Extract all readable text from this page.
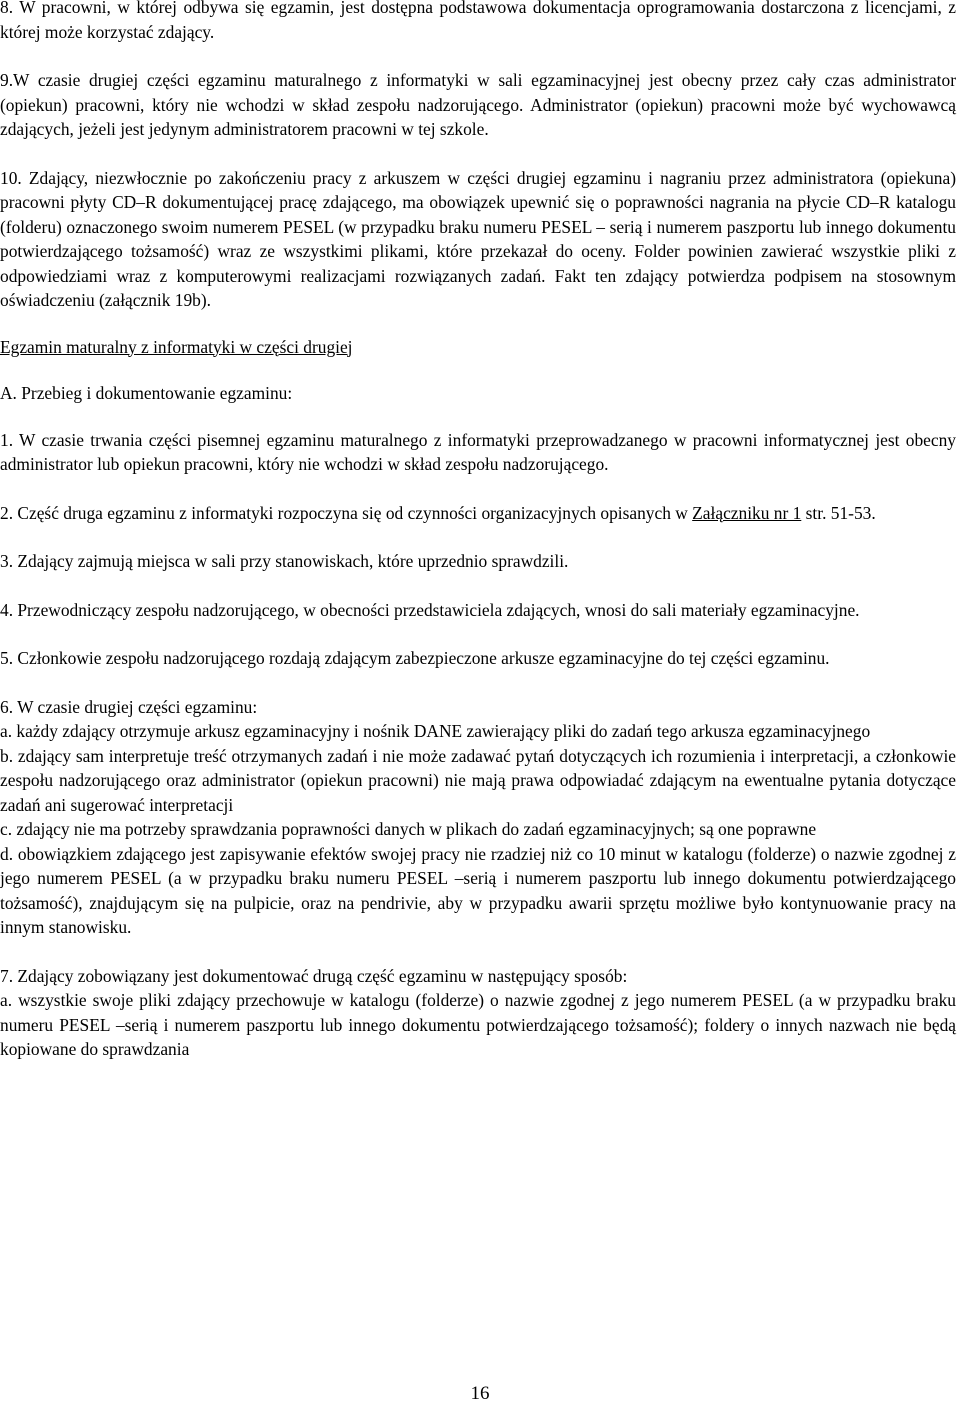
8. W pracowni, w której odbywa się egzamin, jest dostępna podstawowa dokumentacja oprogramowania dostarczona z licencjami, z której może korzystać zdający.

9.W czasie drugiej części egzaminu maturalnego z informatyki w sali egzaminacyjnej jest obecny przez cały czas administrator (opiekun) pracowni, który nie wchodzi w skład zespołu nadzorującego. Administrator (opiekun) pracowni może być wychowawcą zdających, jeżeli jest jedynym administratorem pracowni w tej szkole.

10. Zdający, niezwłocznie po zakończeniu pracy z arkuszem w części drugiej egzaminu i nagraniu przez administratora (opiekuna) pracowni płyty CD–R dokumentującej pracę zdającego, ma obowiązek upewnić się o poprawności nagrania na płycie CD–R katalogu (folderu) oznaczonego swoim numerem PESEL (w przypadku braku numeru PESEL – serią i numerem paszportu lub innego dokumentu potwierdzającego tożsamość) wraz ze wszystkimi plikami, które przekazał do oceny. Folder powinien zawierać wszystkie pliki z odpowiedziami wraz z komputerowymi realizacjami rozwiązanych zadań. Fakt ten zdający potwierdza podpisem na stosownym oświadczeniu (załącznik 19b).

Egzamin maturalny z informatyki w części drugiej

A. Przebieg i dokumentowanie egzaminu:

1. W czasie trwania części pisemnej egzaminu maturalnego z informatyki przeprowadzanego w pracowni informatycznej jest obecny administrator lub opiekun pracowni, który nie wchodzi w skład zespołu nadzorującego.

2. Część druga egzaminu z informatyki rozpoczyna się od czynności organizacyjnych opisanych w Załączniku nr 1 str. 51-53.

3. Zdający zajmują miejsca w sali przy stanowiskach, które uprzednio sprawdzili.

4. Przewodniczący zespołu nadzorującego, w obecności przedstawiciela zdających, wnosi do sali materiały egzaminacyjne.

5. Członkowie zespołu nadzorującego rozdają zdającym zabezpieczone arkusze egzaminacyjne do tej części egzaminu.

6. W czasie drugiej części egzaminu:

a. każdy zdający otrzymuje arkusz egzaminacyjny i nośnik DANE zawierający pliki do zadań tego arkusza egzaminacyjnego

b. zdający sam interpretuje treść otrzymanych zadań i nie może zadawać pytań dotyczących ich rozumienia i interpretacji, a członkowie zespołu nadzorującego oraz administrator (opiekun pracowni) nie mają prawa odpowiadać zdającym na ewentualne pytania dotyczące zadań ani sugerować interpretacji

c. zdający nie ma potrzeby sprawdzania poprawności danych w plikach do zadań egzaminacyjnych; są one poprawne

d. obowiązkiem zdającego jest zapisywanie efektów swojej pracy nie rzadziej niż co 10 minut w katalogu (folderze) o nazwie zgodnej z jego numerem PESEL (a w przypadku braku numeru PESEL –serią i numerem paszportu lub innego dokumentu potwierdzającego tożsamość), znajdującym się na pulpicie, oraz na pendrivie, aby w przypadku awarii sprzętu możliwe było kontynuowanie pracy na innym stanowisku.

7. Zdający zobowiązany jest dokumentować drugą część egzaminu w następujący sposób:

a. wszystkie swoje pliki zdający przechowuje w katalogu (folderze) o nazwie zgodnej z jego numerem PESEL (a w przypadku braku numeru PESEL –serią i numerem paszportu lub innego dokumentu potwierdzającego tożsamość); foldery o innych nazwach nie będą kopiowane do sprawdzania

16
